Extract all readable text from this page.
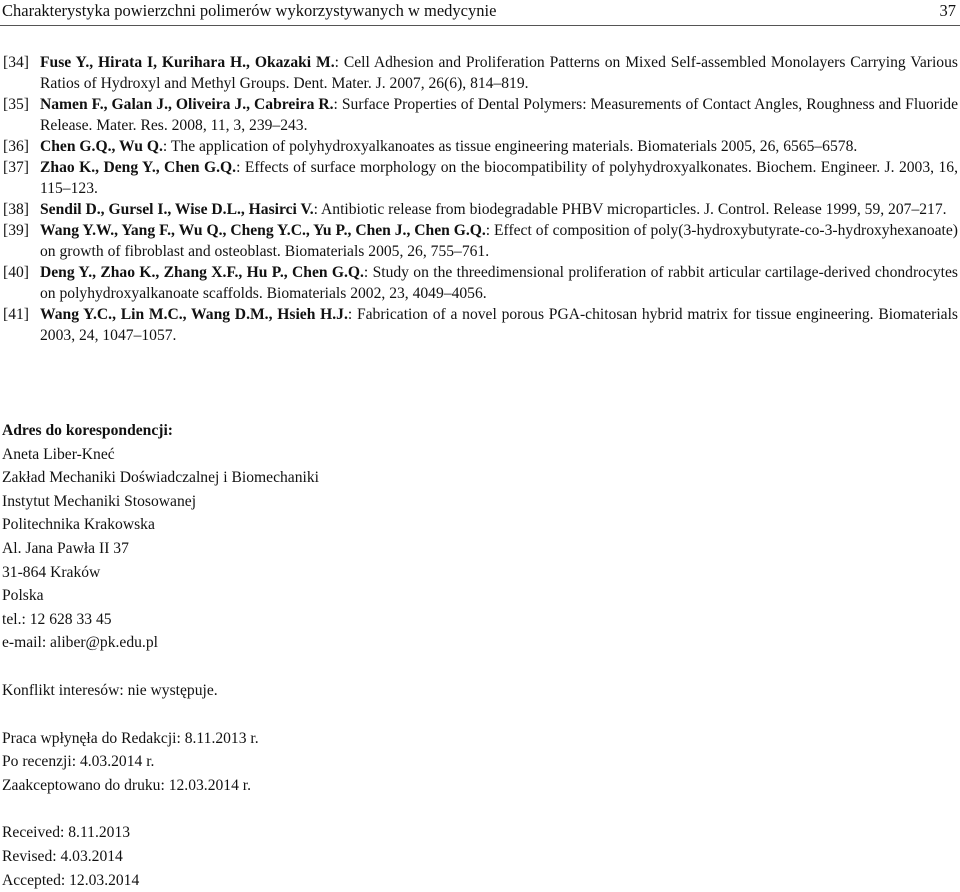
Charakterystyka powierzchni polimerów wykorzystywanych w medycynie	37
[34] Fuse Y., Hirata I, Kurihara H., Okazaki M.: Cell Adhesion and Proliferation Patterns on Mixed Self-assembled Monolayers Carrying Various Ratios of Hydroxyl and Methyl Groups. Dent. Mater. J. 2007, 26(6), 814–819.
[35] Namen F., Galan J., Oliveira J., Cabreira R.: Surface Properties of Dental Polymers: Measurements of Contact Angles, Roughness and Fluoride Release. Mater. Res. 2008, 11, 3, 239–243.
[36] Chen G.Q., Wu Q.: The application of polyhydroxyalkanoates as tissue engineering materials. Biomaterials 2005, 26, 6565–6578.
[37] Zhao K., Deng Y., Chen G.Q.: Effects of surface morphology on the biocompatibility of polyhydroxyalkonates. Biochem. Engineer. J. 2003, 16, 115–123.
[38] Sendil D., Gursel I., Wise D.L., Hasirci V.: Antibiotic release from biodegradable PHBV microparticles. J. Control. Release 1999, 59, 207–217.
[39] Wang Y.W., Yang F., Wu Q., Cheng Y.C., Yu P., Chen J., Chen G.Q.: Effect of composition of poly(3-hydroxybutyrate-co-3-hydroxyhexanoate) on growth of fibroblast and osteoblast. Biomaterials 2005, 26, 755–761.
[40] Deng Y., Zhao K., Zhang X.F., Hu P., Chen G.Q.: Study on the threedimensional proliferation of rabbit articular cartilage-derived chondrocytes on polyhydroxyalkanoate scaffolds. Biomaterials 2002, 23, 4049–4056.
[41] Wang Y.C., Lin M.C., Wang D.M., Hsieh H.J.: Fabrication of a novel porous PGA-chitosan hybrid matrix for tissue engineering. Biomaterials 2003, 24, 1047–1057.
Adres do korespondencji:
Aneta Liber-Kneć
Zakład Mechaniki Doświadczalnej i Biomechaniki
Instytut Mechaniki Stosowanej
Politechnika Krakowska
Al. Jana Pawła II 37
31-864 Kraków
Polska
tel.: 12 628 33 45
e-mail: aliber@pk.edu.pl
Konflikt interesów: nie występuje.
Praca wpłynęła do Redakcji: 8.11.2013 r.
Po recenzji: 4.03.2014 r.
Zaakceptowano do druku: 12.03.2014 r.
Received: 8.11.2013
Revised: 4.03.2014
Accepted: 12.03.2014
